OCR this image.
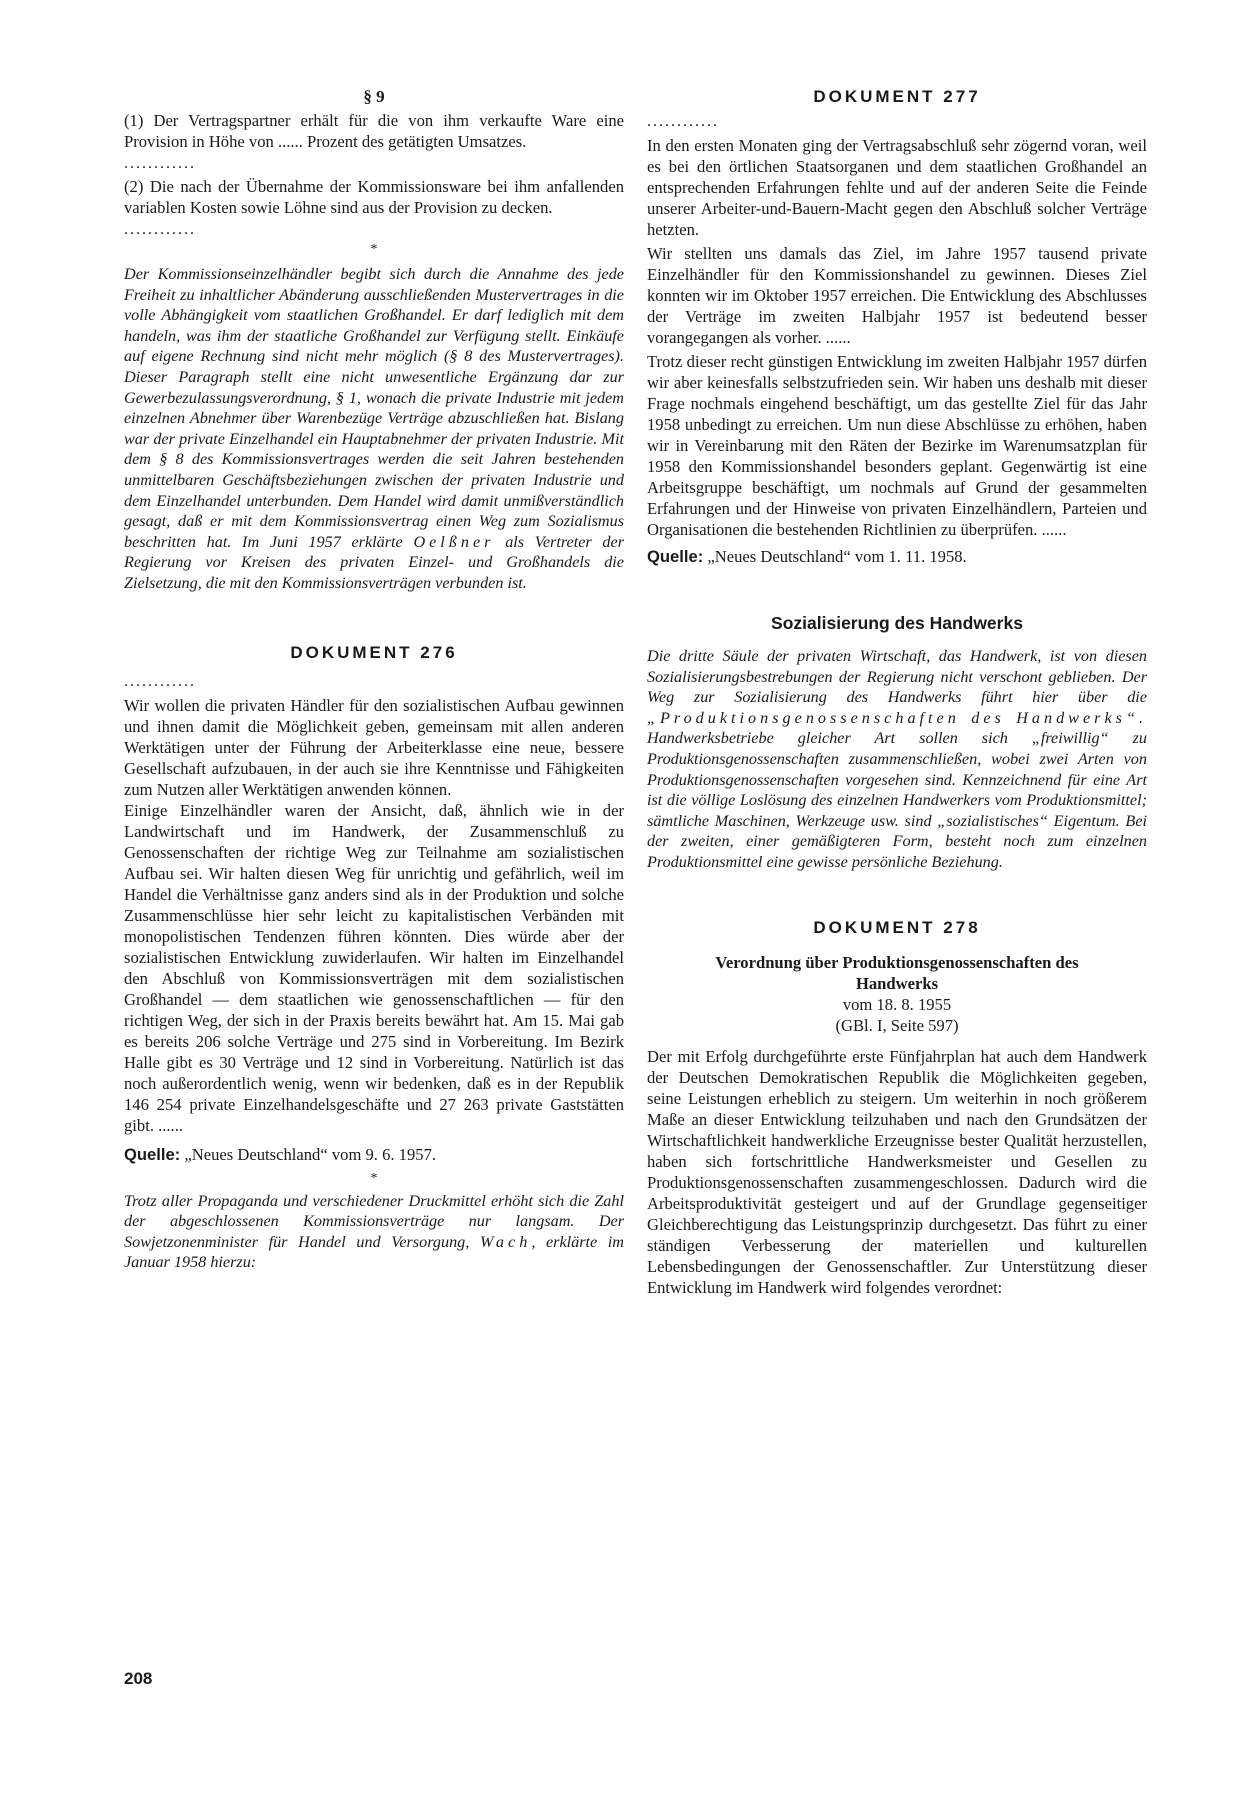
§ 9

(1) Der Vertragspartner erhält für die von ihm verkaufte Ware eine Provision in Höhe von ...... Prozent des getätigten Umsatzes.

............

(2) Die nach der Übernahme der Kommissionsware bei ihm anfallenden variablen Kosten sowie Löhne sind aus der Provision zu decken.

............

*

Der Kommissionseinzelhändler begibt sich durch die Annahme des jede Freiheit zu inhaltlicher Abänderung ausschließenden Mustervertrages in die volle Abhängigkeit vom staatlichen Großhandel. Er darf lediglich mit dem handeln, was ihm der staatliche Großhandel zur Verfügung stellt. Einkäufe auf eigene Rechnung sind nicht mehr möglich (§ 8 des Mustervertrages). Dieser Paragraph stellt eine nicht unwesentliche Ergänzung dar zur Gewerbezulassungsverordnung, § 1, wonach die private Industrie mit jedem einzelnen Abnehmer über Warenbezüge Verträge abzuschließen hat. Bislang war der private Einzelhandel ein Hauptabnehmer der privaten Industrie. Mit dem § 8 des Kommissionsvertrages werden die seit Jahren bestehenden unmittelbaren Geschäftsbeziehungen zwischen der privaten Industrie und dem Einzelhandel unterbunden. Dem Handel wird damit unmißverständlich gesagt, daß er mit dem Kommissionsvertrag einen Weg zum Sozialismus beschritten hat. Im Juni 1957 erklärte Oelßner als Vertreter der Regierung vor Kreisen des privaten Einzel- und Großhandels die Zielsetzung, die mit den Kommissionsverträgen verbunden ist.

DOKUMENT 276

............

Wir wollen die privaten Händler für den sozialistischen Aufbau gewinnen und ihnen damit die Möglichkeit geben, gemeinsam mit allen anderen Werktätigen unter der Führung der Arbeiterklasse eine neue, bessere Gesellschaft aufzubauen, in der auch sie ihre Kenntnisse und Fähigkeiten zum Nutzen aller Werktätigen anwenden können.

Einige Einzelhändler waren der Ansicht, daß, ähnlich wie in der Landwirtschaft und im Handwerk, der Zusammenschluß zu Genossenschaften der richtige Weg zur Teilnahme am sozialistischen Aufbau sei. Wir halten diesen Weg für unrichtig und gefährlich, weil im Handel die Verhältnisse ganz anders sind als in der Produktion und solche Zusammenschlüsse hier sehr leicht zu kapitalistischen Verbänden mit monopolistischen Tendenzen führen könnten. Dies würde aber der sozialistischen Entwicklung zuwiderlaufen. Wir halten im Einzelhandel den Abschluß von Kommissionsverträgen mit dem sozialistischen Großhandel — dem staatlichen wie genossenschaftlichen — für den richtigen Weg, der sich in der Praxis bereits bewährt hat. Am 15. Mai gab es bereits 206 solche Verträge und 275 sind in Vorbereitung. Im Bezirk Halle gibt es 30 Verträge und 12 sind in Vorbereitung. Natürlich ist das noch außerordentlich wenig, wenn wir bedenken, daß es in der Republik 146 254 private Einzelhandelsgeschäfte und 27 263 private Gaststätten gibt. ......

Quelle: „Neues Deutschland“ vom 9. 6. 1957.

*

Trotz aller Propaganda und verschiedener Druckmittel erhöht sich die Zahl der abgeschlossenen Kommissionsverträge nur langsam. Der Sowjetzonenminister für Handel und Versorgung, Wach, erklärte im Januar 1958 hierzu:

DOKUMENT 277

............

In den ersten Monaten ging der Vertragsabschluß sehr zögernd voran, weil es bei den örtlichen Staatsorganen und dem staatlichen Großhandel an entsprechenden Erfahrungen fehlte und auf der anderen Seite die Feinde unserer Arbeiter-und-Bauern-Macht gegen den Abschluß solcher Verträge hetzten.

Wir stellten uns damals das Ziel, im Jahre 1957 tausend private Einzelhändler für den Kommissionshandel zu gewinnen. Dieses Ziel konnten wir im Oktober 1957 erreichen. Die Entwicklung des Abschlusses der Verträge im zweiten Halbjahr 1957 ist bedeutend besser vorangegangen als vorher. ......

Trotz dieser recht günstigen Entwicklung im zweiten Halbjahr 1957 dürfen wir aber keinesfalls selbstzufrieden sein. Wir haben uns deshalb mit dieser Frage nochmals eingehend beschäftigt, um das gestellte Ziel für das Jahr 1958 unbedingt zu erreichen. Um nun diese Abschlüsse zu erhöhen, haben wir in Vereinbarung mit den Räten der Bezirke im Warenumsatzplan für 1958 den Kommissionshandel besonders geplant. Gegenwärtig ist eine Arbeitsgruppe beschäftigt, um nochmals auf Grund der gesammelten Erfahrungen und der Hinweise von privaten Einzelhändlern, Parteien und Organisationen die bestehenden Richtlinien zu überprüfen. ......

Quelle: „Neues Deutschland“ vom 1. 11. 1958.

Sozialisierung des Handwerks

Die dritte Säule der privaten Wirtschaft, das Handwerk, ist von diesen Sozialisierungsbestrebungen der Regierung nicht verschont geblieben. Der Weg zur Sozialisierung des Handwerks führt hier über die „Produktionsgenossenschaften des Handwerks“. Handwerksbetriebe gleicher Art sollen sich „freiwillig“ zu Produktionsgenossenschaften zusammenschließen, wobei zwei Arten von Produktionsgenossenschaften vorgesehen sind. Kennzeichnend für eine Art ist die völlige Loslösung des einzelnen Handwerkers vom Produktionsmittel; sämtliche Maschinen, Werkzeuge usw. sind „sozialistisches“ Eigentum. Bei der zweiten, einer gemäßigteren Form, besteht noch zum einzelnen Produktionsmittel eine gewisse persönliche Beziehung.

DOKUMENT 278

Verordnung über Produktionsgenossenschaften des Handwerks

vom 18. 8. 1955

(GBl. I, Seite 597)

Der mit Erfolg durchgeführte erste Fünfjahrplan hat auch dem Handwerk der Deutschen Demokratischen Republik die Möglichkeiten gegeben, seine Leistungen erheblich zu steigern. Um weiterhin in noch größerem Maße an dieser Entwicklung teilzuhaben und nach den Grundsätzen der Wirtschaftlichkeit handwerkliche Erzeugnisse bester Qualität herzustellen, haben sich fortschrittliche Handwerksmeister und Gesellen zu Produktionsgenossenschaften zusammengeschlossen. Dadurch wird die Arbeitsproduktivität gesteigert und auf der Grundlage gegenseitiger Gleichberechtigung das Leistungsprinzip durchgesetzt. Das führt zu einer ständigen Verbesserung der materiellen und kulturellen Lebensbedingungen der Genossenschaftler. Zur Unterstützung dieser Entwicklung im Handwerk wird folgendes verordnet:

208
